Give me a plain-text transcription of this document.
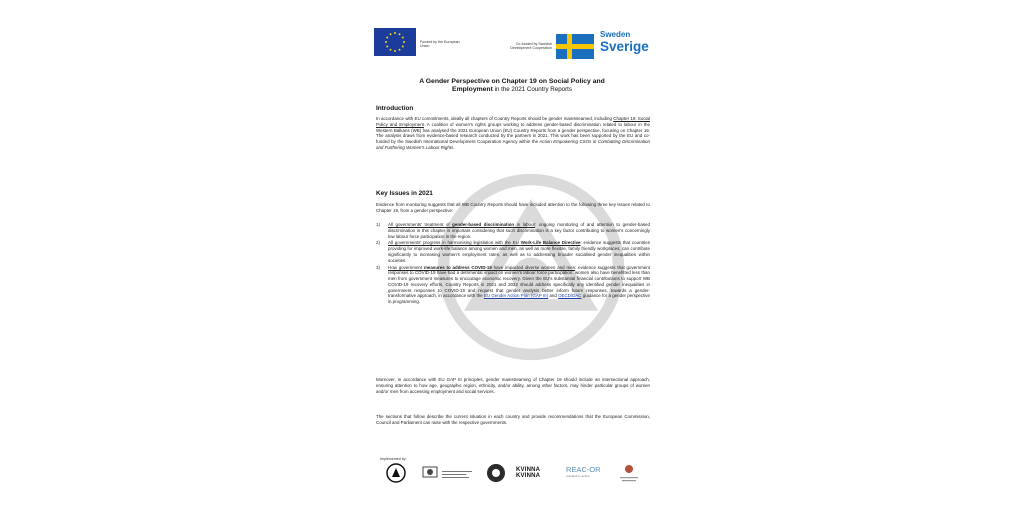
Funded by the European Union
Co-funded by Swedish Development Cooperation
Sweden
Sverige
A Gender Perspective on Chapter 19 on Social Policy and
Employment in the 2021 Country Reports
Introduction
In accordance with EU commitments, ideally all chapters of Country Reports should be gender mainstreamed, including Chapter 19: Social Policy and Employment. A coalition of women's rights groups working to address gender-based discrimination related to labour in the Western Balkans (WB) has analysed the 2021 European Union (EU) Country Reports from a gender perspective, focusing on Chapter 19. The analysis draws from evidence-based research conducted by the partners in 2021. This work has been supported by the EU and co-funded by the Swedish International Development Cooperation Agency within the Action Empowering CSOs in Combatting Discrimination and Furthering Women's Labour Rights.
Key Issues in 2021
Evidence from monitoring suggests that all WB Country Reports should have included attention to the following three key issues related to Chapter 19, from a gender perspective:
1) All governments' treatment of gender-based discrimination in labour: ongoing monitoring of and attention to gender-based discrimination in this chapter is important considering that such discrimination is a key factor contributing to women's concerningly low labour force participation in the region.
2) All governments' progress in harmonising legislation with the EU Work-Life Balance Directive: evidence suggests that countries providing for improved work-life balance among women and men, as well as more flexible, family friendly workplaces, can contribute significantly to increasing women's employment rates, as well as to addressing broader socialised gender inequalities within societies.
3) How government measures to address COVID-19 have impacted diverse women and men: evidence suggests that government responses to COVID-19 have had a detrimental impact on women's labour force participation; women also have benefitted less than men from government measures to encourage economic recovery. Given the EU's substantial financial contributions to support WB COVID-19 recovery efforts, Country Reports in 2021 and 2022 should address specifically any identified gender inequalities in government responses to COVID-19 and request that gender analysis better inform future responses, towards a gender-transformative approach, in accordance with the EU Gender Action Plan (GAP III) and OECD/DAC guidance for a gender perspective in programming.
Moreover, in accordance with EU GAP III principles, gender mainstreaming of Chapter 19 should include an intersectional approach, ensuring attention to how age, geographic region, ethnicity, and/or ability, among other factors, may hinder particular groups of women and/or men from accessing employment and social services.
The sections that follow describe the current situation in each country and provide recommendations that the European Commission, Council and Parliament can raise with the respective governments.
Implemented by:
KVINNA
KVINNA
REAC-OR
research in action
